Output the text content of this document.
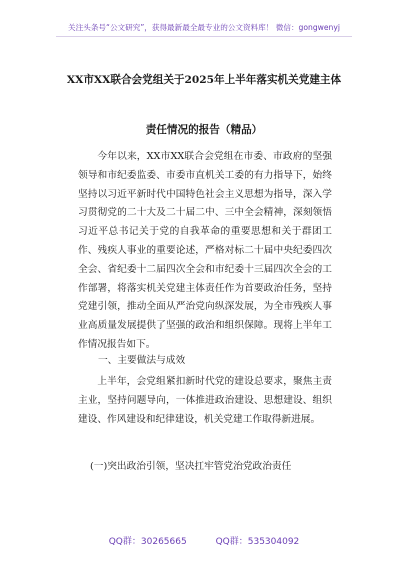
关注头条号“公文研究”，获得最新最全最专业的公文资料库！ 微信：gongwenyj
XX市XX联合会党组关于2025年上半年落实机关党建主体
责任情况的报告（精品）
今年以来，XX市XX联合会党组在市委、市政府的坚强领导和市纪委监委、市委市直机关工委的有力指导下，始终坚持以习近平新时代中国特色社会主义思想为指导，深入学习贯彻党的二十大及二十届二中、三中全会精神，深刻领悟习近平总书记关于党的自我革命的重要思想和关于群团工作、残疾人事业的重要论述，严格对标二十届中央纪委四次全会、省纪委十二届四次全会和市纪委十三届四次全会的工作部署，将落实机关党建主体责任作为首要政治任务，坚持党建引领，推动全面从严治党向纵深发展，为全市残疾人事业高质量发展提供了坚强的政治和组织保障。现将上半年工作情况报告如下。
一、主要做法与成效
上半年，会党组紧扣新时代党的建设总要求，聚焦主责主业，坚持问题导向，一体推进政治建设、思想建设、组织建设、作风建设和纪律建设，机关党建工作取得新进展。
(一)突出政治引领，坚决扛牢管党治党政治责任
QQ群：30265665	QQ群：535304092
